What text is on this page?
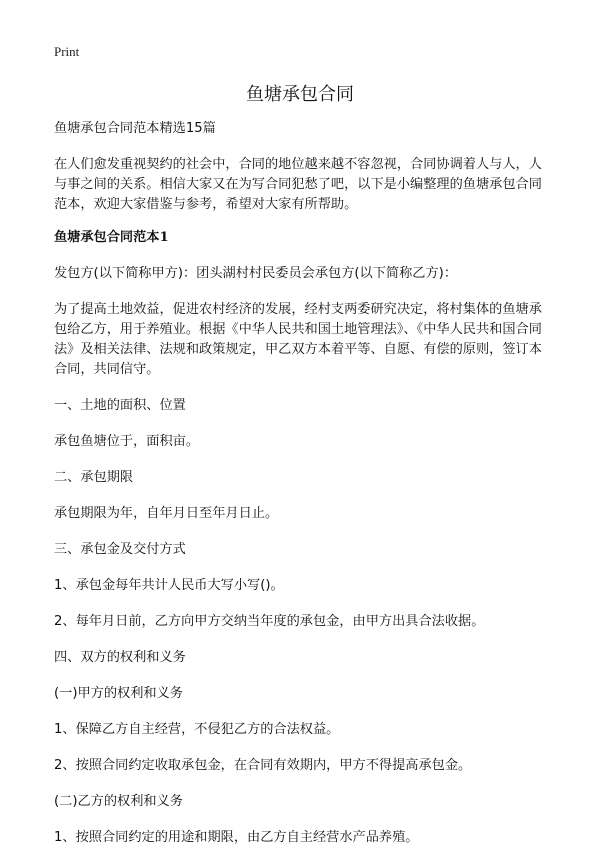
Print

鱼塘承包合同

鱼塘承包合同范本精选15篇

在人们愈发重视契约的社会中，合同的地位越来越不容忽视，合同协调着人与人，人与事之间的关系。相信大家又在为写合同犯愁了吧，以下是小编整理的鱼塘承包合同范本，欢迎大家借鉴与参考，希望对大家有所帮助。

鱼塘承包合同范本1

发包方(以下简称甲方)：团头湖村村民委员会承包方(以下简称乙方)：

为了提高土地效益，促进农村经济的发展，经村支两委研究决定，将村集体的鱼塘承包给乙方，用于养殖业。根据《中华人民共和国土地管理法》、《中华人民共和国合同法》及相关法律、法规和政策规定，甲乙双方本着平等、自愿、有偿的原则，签订本合同，共同信守。

一、土地的面积、位置

承包鱼塘位于，面积亩。

二、承包期限

承包期限为年，自年月日至年月日止。

三、承包金及交付方式

1、承包金每年共计人民币大写小写()。

2、每年月日前，乙方向甲方交纳当年度的承包金，由甲方出具合法收据。

四、双方的权利和义务

(一)甲方的权利和义务

1、保障乙方自主经营，不侵犯乙方的合法权益。

2、按照合同约定收取承包金，在合同有效期内，甲方不得提高承包金。

(二)乙方的权利和义务

1、按照合同约定的用途和期限，由乙方自主经营水产品养殖。
